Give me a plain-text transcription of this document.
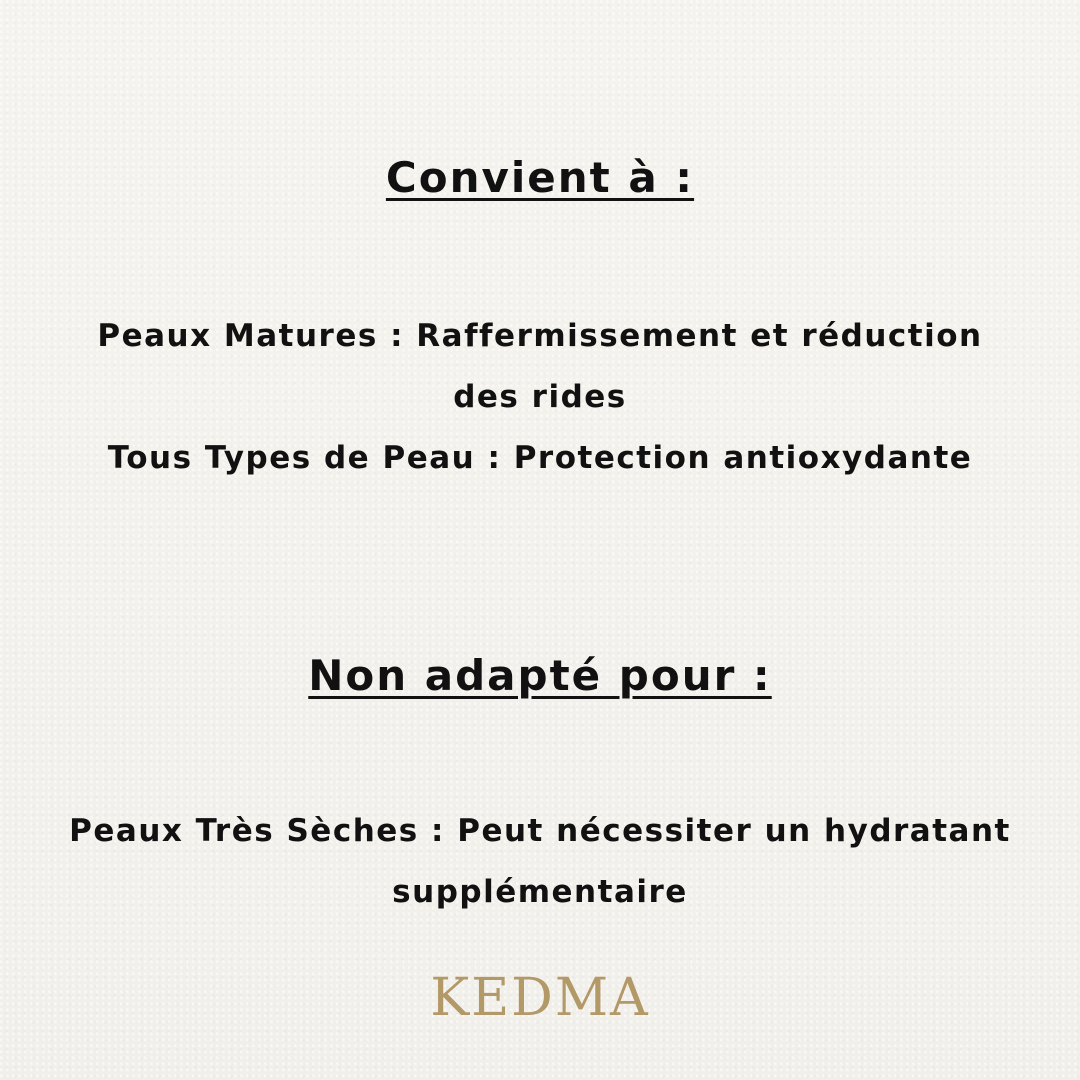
Convient à :
Peaux Matures : Raffermissement et réduction
des rides
Tous Types de Peau : Protection antioxydante
Non adapté pour :
Peaux Très Sèches : Peut nécessiter un hydratant
supplémentaire
KEDMA
